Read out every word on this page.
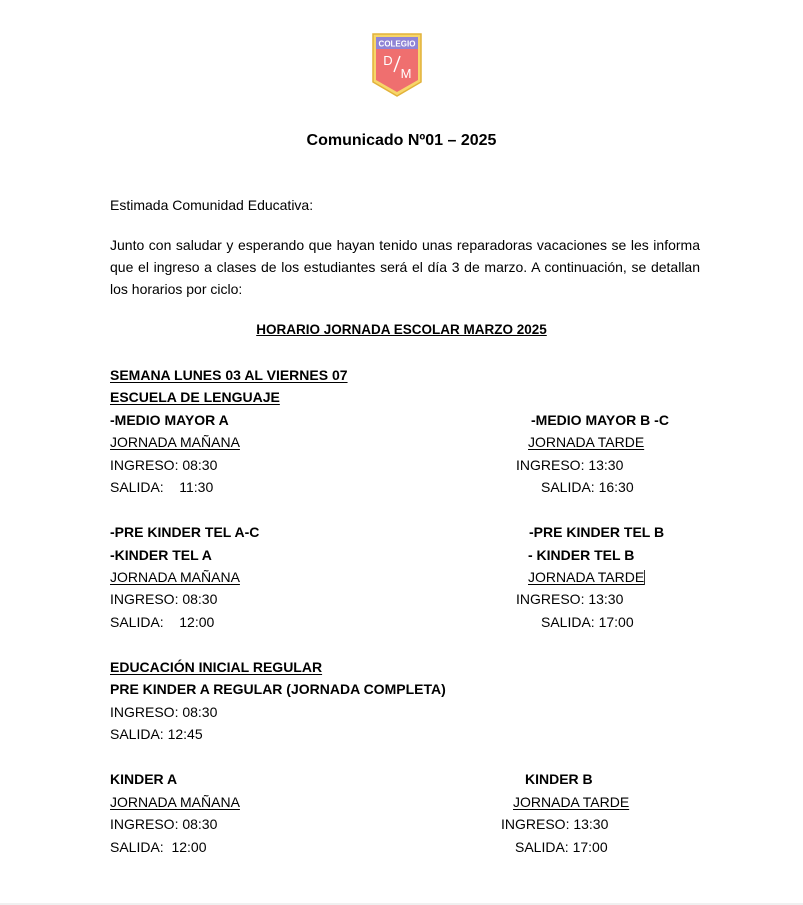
COLEGIO
D
M
Comunicado Nº01 – 2025
Estimada Comunidad Educativa:
Junto con saludar y esperando que hayan tenido unas reparadoras vacaciones se les informa que el ingreso a clases de los estudiantes será el día 3 de marzo. A continuación, se detallan los horarios por ciclo:
HORARIO JORNADA ESCOLAR MARZO 2025
SEMANA LUNES 03 AL VIERNES 07
ESCUELA DE LENGUAJE
-MEDIO MAYOR A
JORNADA MAÑANA
INGRESO: 08:30
SALIDA:    11:30
-MEDIO MAYOR B -C
JORNADA TARDE
INGRESO: 13:30
SALIDA: 16:30
-PRE KINDER TEL A-C
-KINDER TEL A
JORNADA MAÑANA
INGRESO: 08:30
SALIDA:    12:00
-PRE KINDER TEL B
- KINDER TEL B
JORNADA TARDE
INGRESO: 13:30
SALIDA: 17:00
EDUCACIÓN INICIAL REGULAR
PRE KINDER A REGULAR (JORNADA COMPLETA)
INGRESO: 08:30
SALIDA: 12:45
KINDER A
JORNADA MAÑANA
INGRESO: 08:30
SALIDA:  12:00
KINDER B
JORNADA TARDE
INGRESO: 13:30
SALIDA: 17:00
